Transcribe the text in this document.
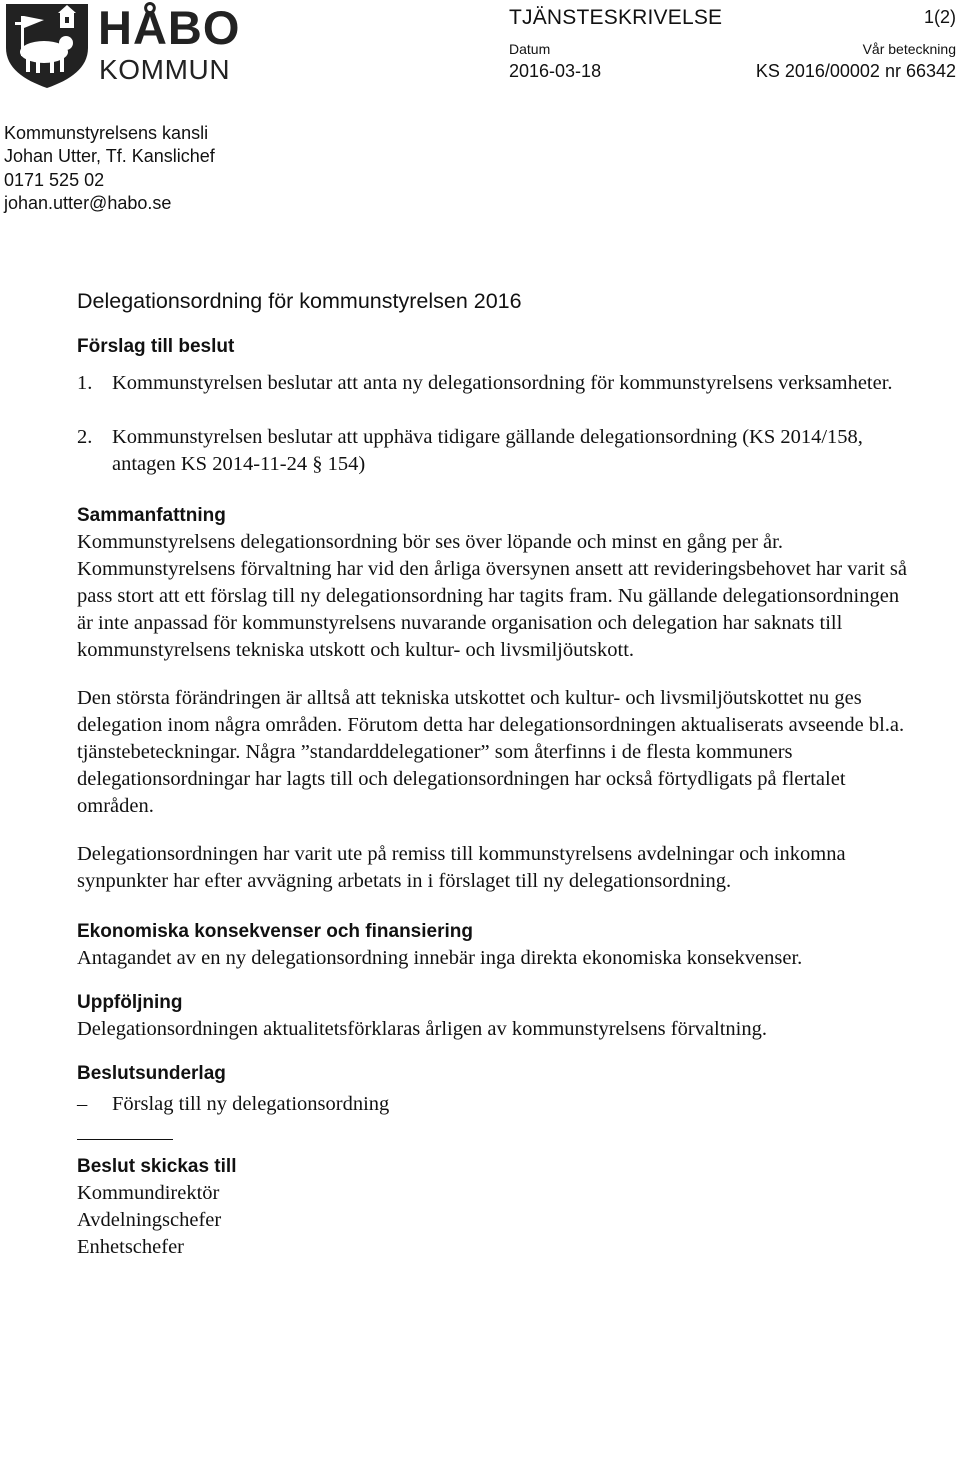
HÅBO
KOMMUN
TJÄNSTESKRIVELSE	1(2)
Datum
2016-03-18
Vår beteckning
KS 2016/00002 nr 66342
Kommunstyrelsens kansli
Johan Utter, Tf. Kanslichef
0171 525 02
johan.utter@habo.se
Delegationsordning för kommunstyrelsen 2016
Förslag till beslut
1. Kommunstyrelsen beslutar att anta ny delegationsordning för kommunstyrelsens verksamheter.
2. Kommunstyrelsen beslutar att upphäva tidigare gällande delegationsordning (KS 2014/158, antagen KS 2014-11-24 § 154)
Sammanfattning

Kommunstyrelsens delegationsordning bör ses över löpande och minst en gång per år. Kommunstyrelsens förvaltning har vid den årliga översynen ansett att revideringsbehovet har varit så pass stort att ett förslag till ny delegationsordning har tagits fram. Nu gällande delegationsordningen är inte anpassad för kommunstyrelsens nuvarande organisation och delegation har saknats till kommunstyrelsens tekniska utskott och kultur- och livsmiljöutskott.

Den största förändringen är alltså att tekniska utskottet och kultur- och livsmiljöutskottet nu ges delegation inom några områden. Förutom detta har delegationsordningen aktualiserats avseende bl.a. tjänstebeteckningar. Några ”standarddelegationer” som återfinns i de flesta kommuners delegationsordningar har lagts till och delegationsordningen har också förtydligats på flertalet områden.

Delegationsordningen har varit ute på remiss till kommunstyrelsens avdelningar och inkomna synpunkter har efter avvägning arbetats in i förslaget till ny delegationsordning.

Ekonomiska konsekvenser och finansiering

Antagandet av en ny delegationsordning innebär inga direkta ekonomiska konsekvenser.

Uppföljning

Delegationsordningen aktualitetsförklaras årligen av kommunstyrelsens förvaltning.

Beslutsunderlag
–	Förslag till ny delegationsordning
Beslut skickas till
Kommundirektör
Avdelningschefer
Enhetschefer
